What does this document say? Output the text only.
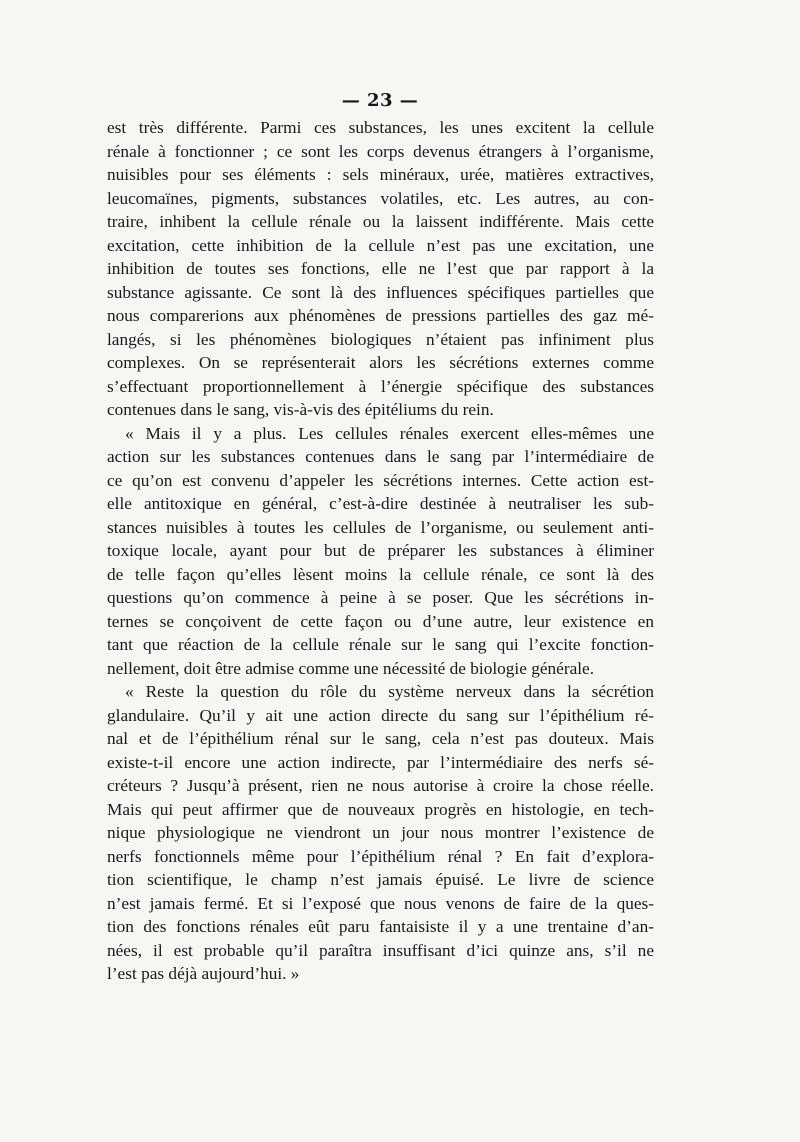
— 23 —
est très différente. Parmi ces substances, les unes excitent la cellule
rénale à fonctionner ; ce sont les corps devenus étrangers à l’organisme,
nuisibles pour ses éléments : sels minéraux, urée, matières extractives,
leucomaïnes, pigments, substances volatiles, etc. Les autres, au con-
traire, inhibent la cellule rénale ou la laissent indifférente. Mais cette
excitation, cette inhibition de la cellule n’est pas une excitation, une
inhibition de toutes ses fonctions, elle ne l’est que par rapport à la
substance agissante. Ce sont là des influences spécifiques partielles que
nous comparerions aux phénomènes de pressions partielles des gaz mé-
langés, si les phénomènes biologiques n’étaient pas infiniment plus
complexes. On se représenterait alors les sécrétions externes comme
s’effectuant proportionnellement à l’énergie spécifique des substances
contenues dans le sang, vis-à-vis des épitéliums du rein.
« Mais il y a plus. Les cellules rénales exercent elles-mêmes une
action sur les substances contenues dans le sang par l’intermédiaire de
ce qu’on est convenu d’appeler les sécrétions internes. Cette action est-
elle antitoxique en général, c’est-à-dire destinée à neutraliser les sub-
stances nuisibles à toutes les cellules de l’organisme, ou seulement anti-
toxique locale, ayant pour but de préparer les substances à éliminer
de telle façon qu’elles lèsent moins la cellule rénale, ce sont là des
questions qu’on commence à peine à se poser. Que les sécrétions in-
ternes se conçoivent de cette façon ou d’une autre, leur existence en
tant que réaction de la cellule rénale sur le sang qui l’excite fonction-
nellement, doit être admise comme une nécessité de biologie générale.
« Reste la question du rôle du système nerveux dans la sécrétion
glandulaire. Qu’il y ait une action directe du sang sur l’épithélium ré-
nal et de l’épithélium rénal sur le sang, cela n’est pas douteux. Mais
existe-t-il encore une action indirecte, par l’intermédiaire des nerfs sé-
créteurs ? Jusqu’à présent, rien ne nous autorise à croire la chose réelle.
Mais qui peut affirmer que de nouveaux progrès en histologie, en tech-
nique physiologique ne viendront un jour nous montrer l’existence de
nerfs fonctionnels même pour l’épithélium rénal ? En fait d’explora-
tion scientifique, le champ n’est jamais épuisé. Le livre de science
n’est jamais fermé. Et si l’exposé que nous venons de faire de la ques-
tion des fonctions rénales eût paru fantaisiste il y a une trentaine d’an-
nées, il est probable qu’il paraîtra insuffisant d’ici quinze ans, s’il ne
l’est pas déjà aujourd’hui. »
